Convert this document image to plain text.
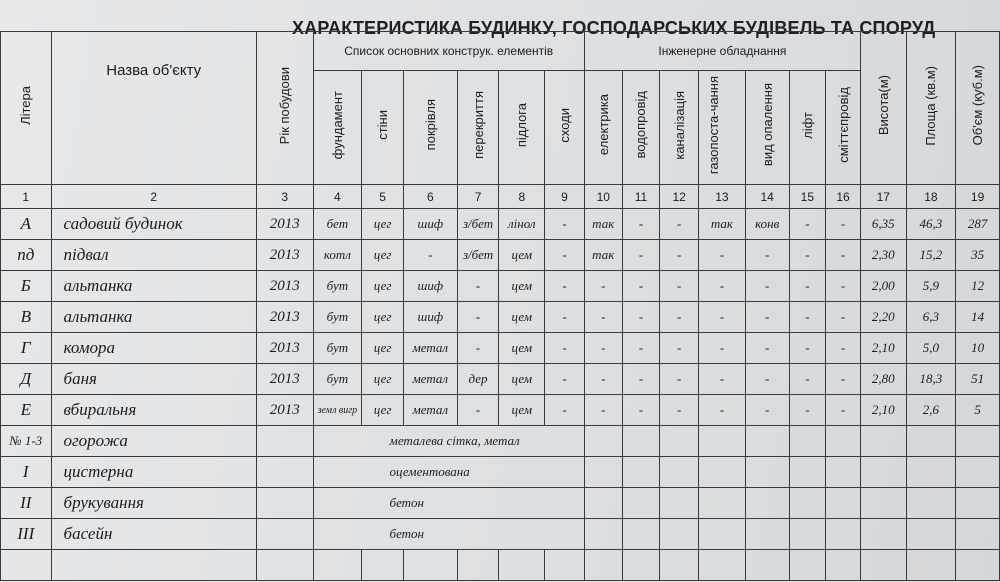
ХАРАКТЕРИСТИКА БУДИНКУ, ГОСПОДАРСЬКИХ БУДІВЕЛЬ ТА СПОРУД
Літера	Назва об'єкту	Рік побудови	Список основних конструк. елементів						Інженерне обладнання							Висота(м)	Площа (кв.м)	Об'єм (куб.м)
			фундамент	стіни	покрівля	перекриття	підлога	сходи	електрика	водопровід	каналізація	газопоста-чання	вид опалення	ліфт	сміттєпровід			
1	2	3	4	5	6	7	8	9	10	11	12	13	14	15	16	17	18	19
А	садовий будинок	2013	бет	цег	шиф	з/бет	лінол	-	так	-	-	так	конв	-	-	6,35	46,3	287
пд	підвал	2013	котл	цег	-	з/бет	цем	-	так	-	-	-	-	-	-	2,30	15,2	35
Б	альтанка	2013	бут	цег	шиф	-	цем	-	-	-	-	-	-	-	-	2,00	5,9	12
В	альтанка	2013	бут	цег	шиф	-	цем	-	-	-	-	-	-	-	-	2,20	6,3	14
Г	комора	2013	бут	цег	метал	-	цем	-	-	-	-	-	-	-	-	2,10	5,0	10
Д	баня	2013	бут	цег	метал	дер	цем	-	-	-	-	-	-	-	-	2,80	18,3	51
Е	вбиральня	2013	земл вигр	цег	метал	-	цем	-	-	-	-	-	-	-	-	2,10	2,6	5
№ 1-3	огорожа		металева сітка, метал															
І	цистерна		оцементована															
ІІ	брукування		бетон															
ІІІ	басейн		бетон															
